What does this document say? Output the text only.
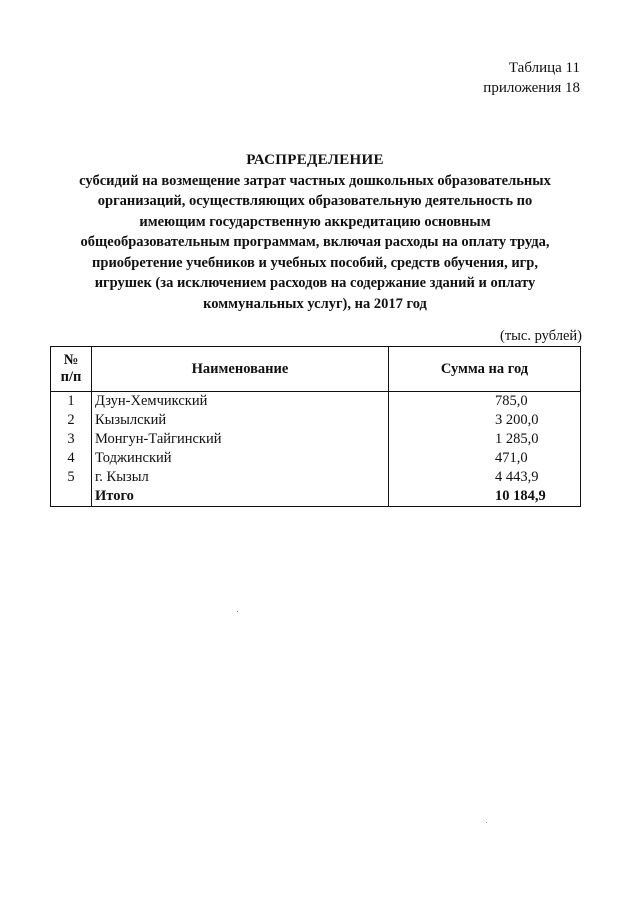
Таблица 11
приложения 18
РАСПРЕДЕЛЕНИЕ
субсидий на возмещение затрат частных дошкольных образовательных
организаций, осуществляющих образовательную деятельность по
имеющим государственную аккредитацию основным
общеобразовательным программам, включая расходы на оплату труда,
приобретение учебников и учебных пособий, средств обучения, игр,
игрушек (за исключением расходов на содержание зданий и оплату
коммунальных услуг), на 2017 год
(тыс. рублей)
№
п/п	Наименование	Сумма на год
1	Дзун-Хемчикский	785,0
2	Кызылский	3 200,0
3	Монгун-Тайгинский	1 285,0
4	Тоджинский	471,0
5	г. Кызыл	4 443,9
	Итого	10 184,9
